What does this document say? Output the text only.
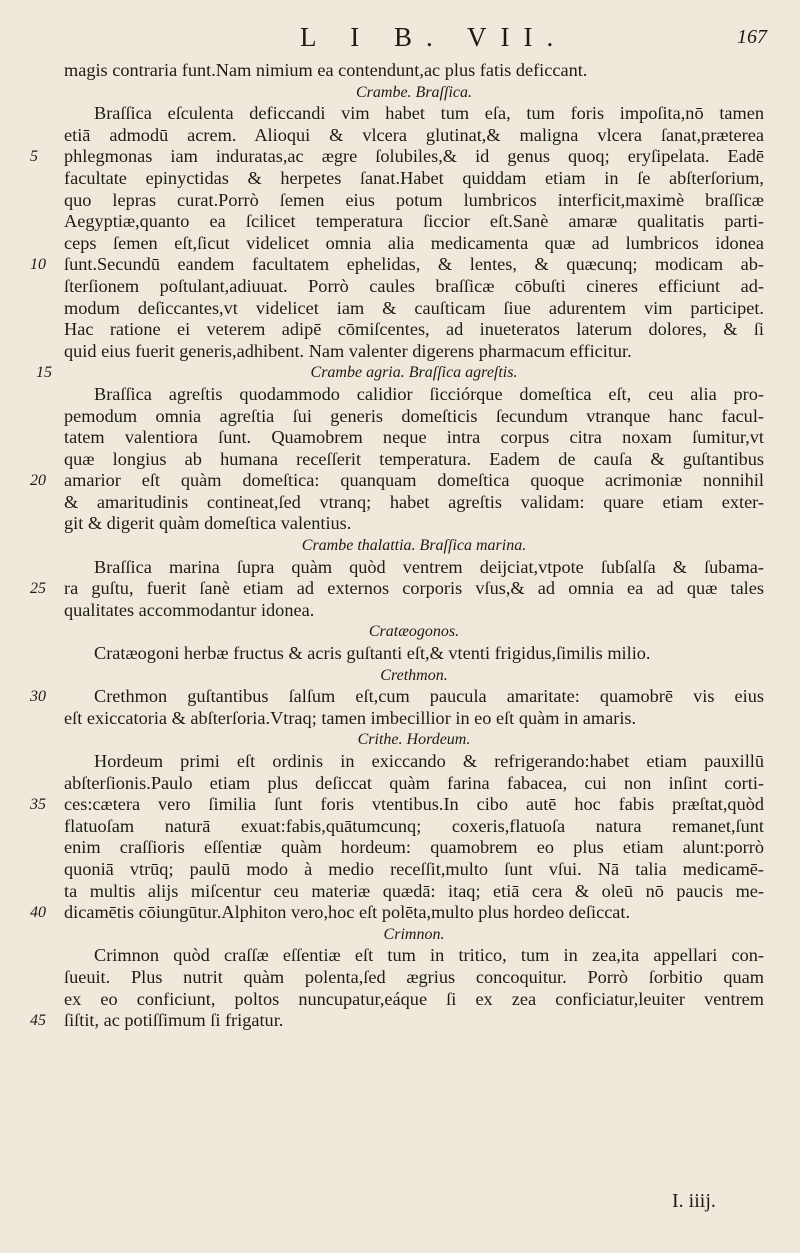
L I B. VII.	167
magis contraria funt.Nam nimium ea contendunt,ac plus fatis deficcant.
Crambe. Braſſica.
Braſſica eſculenta deficcandi vim habet tum eſa, tum foris impoſita,nō tamen
etiā admodū acrem. Alioqui & vlcera glutinat,& maligna vlcera ſanat,præterea
5	phlegmonas iam induratas,ac ægre ſolubiles,& id genus quoq; eryſipelata. Eadē
facultate epinyctidas & herpetes ſanat.Habet quiddam etiam in ſe abſterſorium,
quo lepras curat.Porrò ſemen eius potum lumbricos interficit,maximè braſſicæ
Aegyptiæ,quanto ea ſcilicet temperatura ſiccior eſt.Sanè amaræ qualitatis parti-
ceps ſemen eſt,ſicut videlicet omnia alia medicamenta quæ ad lumbricos idonea
10 ſunt.Secundū eandem facultatem ephelidas, & lentes, & quæcunq; modicam ab-
ſterſionem poſtulant,adiuuat. Porrò caules braſſicæ cōbuſti cineres efficiunt ad-
modum deſiccantes,vt videlicet iam & cauſticam ſiue adurentem vim participet.
Hac ratione ei veterem adipē cōmiſcentes, ad inueteratos laterum dolores, & ſi
quid eius fuerit generis,adhibent. Nam valenter digerens pharmacum efficitur.
15	Crambe agria. Braſſica agreſtis.
Braſſica agreſtis quodammodo calidior ſicciórque domeſtica eſt, ceu alia pro-
pemodum omnia agreſtia ſui generis domeſticis ſecundum vtranque hanc facul-
tatem valentiora ſunt. Quamobrem neque intra corpus citra noxam ſumitur,vt
quæ longius ab humana receſſerit temperatura. Eadem de cauſa & guſtantibus
20 amarior eſt quàm domeſtica: quanquam domeſtica quoque acrimoniæ nonnihil
& amaritudinis contineat,ſed vtranq; habet agreſtis validam: quare etiam exter-
git & digerit quàm domeſtica valentius.
Crambe thalattia. Braſſica marina.
Braſſica marina ſupra quàm quòd ventrem deijciat,vtpote ſubſalſa & ſubama-
25 ra guſtu, fuerit ſanè etiam ad externos corporis vſus,& ad omnia ea ad quæ tales
qualitates accommodantur idonea.
Cratæogonos.
Cratæogoni herbæ fructus & acris guſtanti eſt,& vtenti frigidus,ſimilis milio.
Crethmon.
30	Crethmon guſtantibus ſalſum eſt,cum paucula amaritate: quamobrē vis eius
eſt exiccatoria & abſterſoria.Vtraq; tamen imbecillior in eo eſt quàm in amaris.
Crithe. Hordeum.
Hordeum primi eſt ordinis in exiccando & refrigerando:habet etiam pauxillū
abſterſionis.Paulo etiam plus deſiccat quàm farina fabacea, cui non inſint corti-
35 ces:cætera vero ſimilia ſunt foris vtentibus.In cibo autē hoc fabis præſtat,quòd
flatuoſam naturā exuat:fabis,quātumcunq; coxeris,flatuoſa natura remanet,ſunt
enim craſſioris eſſentiæ quàm hordeum: quamobrem eo plus etiam alunt:porrò
quoniā vtrūq; paulū modo à medio receſſit,multo ſunt vſui. Nā talia medicamē-
ta multis alijs miſcentur ceu materiæ quædā: itaq; etiā cera & oleū nō paucis me-
40 dicamētis cōiungūtur.Alphiton vero,hoc eſt polēta,multo plus hordeo deſiccat.
Crimnon.
Crimnon quòd craſſæ eſſentiæ eſt tum in tritico, tum in zea,ita appellari con-
ſueuit. Plus nutrit quàm polenta,ſed ægrius concoquitur. Porrò ſorbitio quam
ex eo conficiunt, poltos nuncupatur,eáque ſi ex zea conficiatur,leuiter ventrem
45 ſiſtit, ac potiſſimum ſi frigatur.
I. iiij.
